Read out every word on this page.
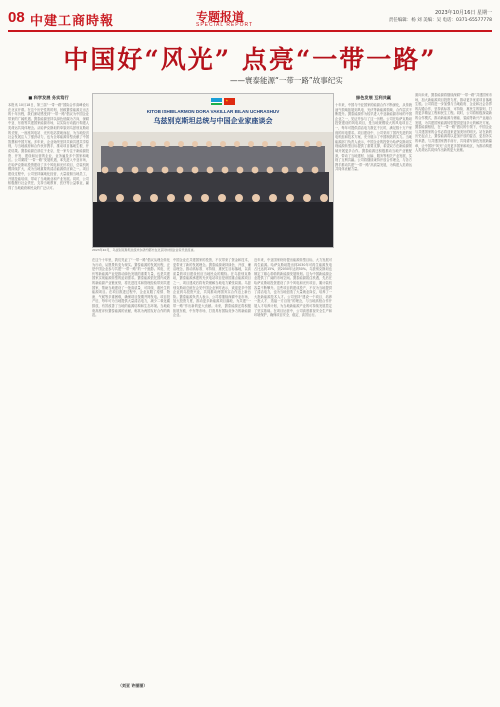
08 中建工商時報	专题报道
SPECIAL REPORT
2023年10月16日 星期一
责任编辑：杨 刘 美编：吴 电话：0371-65577778
中国好“风光” 点亮“一带一路”
——寰泰能源“一带一路”故事纪实
■ 科学发展 务实笃行
本报讯 10月18日，第三届“一带一路”国际合作高峰论坛在北京开幕。在这个历史性的时刻，回顾寰泰能源走出去的十年历程，我们深切感受到“一带一路”倡议为中国企业带来的广阔机遇。寰泰能源坚持以绿色低碳为方向，深耕中亚、东欧等共建国家能源市场，以实际行动践行构建人类命运共同体理念。从哈萨克斯坦的草原到乌兹别克斯坦的戈壁，一座座风电站、光伏电站拔地而起，为当地经济社会发展注入了强劲动力，也为全球能源转型贡献了中国智慧和中国方案。多年来，企业始终坚持共商共建共享原则，与当地政府和合作伙伴携手，推动项目落地生根、开花结果。寰泰能源总部位于北京，是一家专注于新能源投资、开发、建设和运营的企业，业务遍及多个国家和地区。公司紧抓“一带一路”发展机遇，率先进入中亚市场，在哈萨克斯坦投资建设了多个风电和光伏项目，总装机规模持续扩大，成为当地重要的清洁能源供应商之一。项目建设过程中，公司坚持属地化经营，大量雇佣当地员工，开展技能培训，带动了当地就业和产业发展。同时，公司积极履行社会责任，支持当地教育、医疗等公益事业，赢得了当地政府和民众的广泛认可。
★
KITOB ISHBILARMON DORA VAKILLAR BILAN UCHRASHUV
乌兹别克斯坦总统与中国企业家座谈会
2023年10月，乌兹别克斯坦总统米尔济约耶夫在北京同中国企业家代表座谈。
在这个十年里，我们见证了“一带一路”倡议从理念转化为行动，从愿景转变为现实。寰泰能源的发展历程，正是中国企业参与共建“一带一路”的一个缩影。风电、光伏等新能源产业是推动绿色发展的重要力量，也是共建国家实现能源转型的迫切需求。寰泰能源依托国内成熟的新能源产业链优势，将先进技术和管理经验带到共建国家，帮助当地建设了一批高质量、可持续、惠民生的能源项目。在项目推进过程中，企业克服了疫情、物流、气候等多重困难，确保项目按期并网发电。项目投产后，每年可为当地提供大量清洁电力，减少二氧化碳排放，有效改善了当地的能源结构和生态环境。当地政府高度评价寰泰能源的贡献，称其为两国友好合作的典范。
中国企业在共建国家的投资，不仅带来了资金和技术，更带来了新的发展理念。寰泰能源秉持绿色、开放、廉洁理念，推动高标准、可持续、惠民生目标落地，以高质量的项目建设回应当地民众的期待。在乌兹别克斯坦，寰泰能源承建的光伏电站项目是该国重点能源项目之一，项目建成后将有效缓解当地电力紧张局面。乌兹别克斯坦总统在会见中国企业家时表示，欢迎更多中国企业到乌投资兴业，共同推动两国务实合作迈上新台阶。寰泰能源负责人表示，公司将继续深耕中亚市场，加大投资力度，推动更多新能源项目落地，为共建“一带一路”作出新的更大贡献。未来，寰泰能源还将积极拓展东欧、中东等市场，打造具有国际竞争力的新能源企业。
近年来，中亚国家纷纷提出能源转型目标，大力发展可再生能源。哈萨克斯坦提出到2030年可再生能源发电占比达到15%，到2050年达到50%。乌兹别克斯坦也制定了雄心勃勃的新能源发展规划。这为中国新能源企业提供了广阔的市场空间。寰泰能源抓住机遇，先后在哈萨克斯坦投资建设了多个风电和光伏项目，累计装机容量不断攀升。这些项目的建成投产，不仅为当地提供了清洁电力，也为当地创造了大量就业岗位，培养了一大批新能源技术人才。公司坚持“建设一个项目、培养一批人才、造福一方百姓”的理念，与当地高校合作开展人才培养计划，为当地新能源产业的可持续发展奠定了坚实基础。在项目运营中，公司高度重视安全生产和环境保护，确保项目安全、稳定、高效运行。
绿色发展 互利共赢
十年来，中国与中亚国家的能源合作不断深化，从传统油气领域拓展到风电、光伏等新能源领域，合作层次不断提升。寰泰能源作为较早进入中亚新能源市场的中国企业之一，见证并参与了这一历程。公司在哈萨克斯坦投资建设的风电项目，是当地规模较大的风电项目之一，每年可提供清洁电力数亿千瓦时，满足数十万户家庭的用电需求。项目建设中，公司采用了国内先进的风电机组和技术方案，充分展示了中国制造的实力。当地能源部门负责人表示，中国企业的投资为哈萨克斯坦实现能源转型目标提供了重要支撑，希望双方在新能源领域开展更多合作。寰泰能源还积极推动当地产业链配套，带动了当地建材、运输、服务等相关产业发展，实现了互利共赢。公司将继续秉持开放合作理念，与各方携手推动共建“一带一路”高质量发展，为构建人类命运共同体贡献力量。
面向未来，寰泰能源将继续深耕“一带一路”共建国家市场，加大新能源项目投资力度，推动更多优质项目落地生根。公司将进一步加强与当地政府、企业和社会各界的沟通合作，坚持高标准、可持续、惠民生的原则，打造更多精品工程和民生工程。同时，公司将积极探索新的合作模式，推动新能源与储能、氢能等新兴产业融合发展，为共建国家能源转型提供更加多元的解决方案。寰泰能源相信，在“一带一路”倡议的引领下，中国企业与共建国家的合作必将迎来更加美好的明天。站在新的历史起点上，寰泰能源将以更加开放的姿态、更加务实的举措，与共建国家携手前行，共同谱写绿色发展新篇章，让中国好“风光”点亮更多国家和地区，为推动构建人类命运共同体作出新的更大贡献。
（刘亚 许丽丽）
